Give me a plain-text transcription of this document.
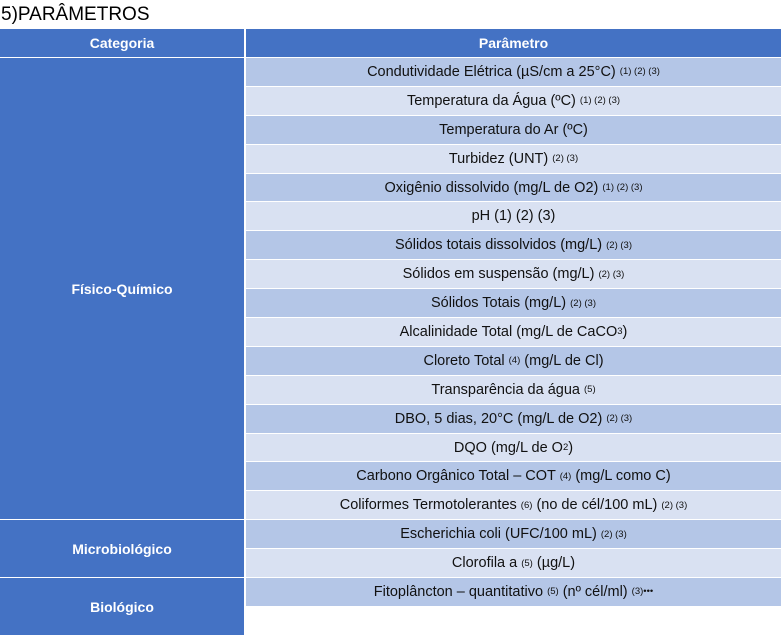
5)PARÂMETROS
Categoria	Parâmetro
Físico-Químico
Microbiológico
Biológico
Condutividade Elétrica (µS/cm a 25°C) (1) (2) (3)
Temperatura da Água (ºC) (1) (2) (3)
Temperatura do Ar (ºC)
Turbidez (UNT) (2) (3)
Oxigênio dissolvido (mg/L de O2) (1) (2) (3)
pH (1) (2) (3)
Sólidos totais dissolvidos (mg/L) (2) (3)
Sólidos em suspensão (mg/L) (2) (3)
Sólidos Totais (mg/L) (2) (3)
Alcalinidade Total (mg/L de CaCO 3 )
Cloreto Total (4) (mg/L de Cl)
Transparência da água (5)
DBO, 5 dias, 20°C (mg/L de O2) (2) (3)
DQO (mg/L de O 2 )
Carbono Orgânico Total – COT (4) (mg/L como C)
Coliformes Termotolerantes (6) (no de cél/100 mL) (2) (3)
Escherichia coli (UFC/100 mL) (2) (3)
Clorofila a (5) (µg/L)
Fitoplâncton – quantitativo (5) (nº cél/ml) (3)•••
